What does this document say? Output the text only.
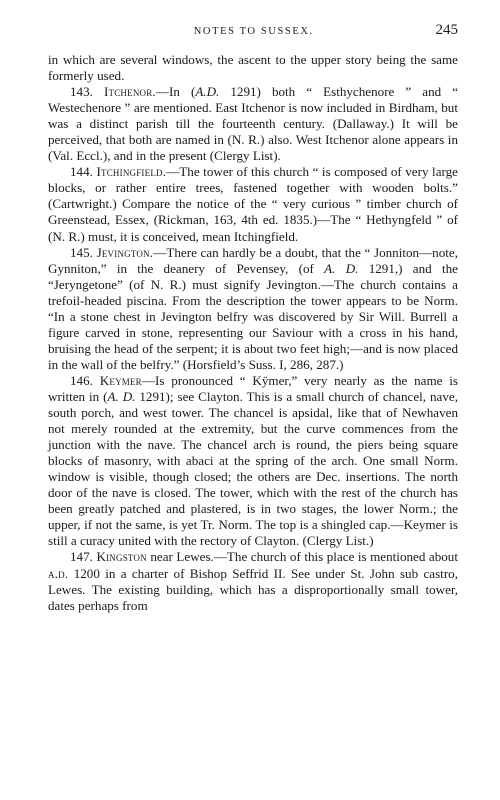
NOTES TO SUSSEX.	245

in which are several windows, the ascent to the upper story being the same formerly used.

143. Itchenor.—In (A.D. 1291) both “ Esthychenore ” and “ Westechenore ” are mentioned. East Itchenor is now included in Birdham, but was a distinct parish till the fourteenth century. (Dallaway.) It will be perceived, that both are named in (N. R.) also. West Itchenor alone appears in (Val. Eccl.), and in the present (Clergy List).

144. Itchingfield.—The tower of this church “ is composed of very large blocks, or rather entire trees, fastened together with wooden bolts.” (Cartwright.) Compare the notice of the “ very curious ” timber church of Greenstead, Essex, (Rickman, 163, 4th ed. 1835.)—The “ Hethyngfeld ” of (N. R.) must, it is conceived, mean Itchingfield.

145. Jevington.—There can hardly be a doubt, that the “ Jonniton—note, Gynniton,” in the deanery of Pevensey, (of A. D. 1291,) and the “Jeryngetone” (of N. R.) must signify Jevington.—The church contains a trefoil-headed piscina. From the description the tower appears to be Norm. “In a stone chest in Jevington belfry was discovered by Sir Will. Burrell a figure carved in stone, representing our Saviour with a cross in his hand, bruising the head of the serpent; it is about two feet high;—and is now placed in the wall of the belfry.” (Horsfield’s Suss. I, 286, 287.)

146. Keymer—Is pronounced “ Kÿmer,” very nearly as the name is written in (A. D. 1291); see Clayton. This is a small church of chancel, nave, south porch, and west tower. The chancel is apsidal, like that of Newhaven not merely rounded at the extremity, but the curve commences from the junction with the nave. The chancel arch is round, the piers being square blocks of masonry, with abaci at the spring of the arch. One small Norm. window is visible, though closed; the others are Dec. insertions. The north door of the nave is closed. The tower, which with the rest of the church has been greatly patched and plastered, is in two stages, the lower Norm.; the upper, if not the same, is yet Tr. Norm. The top is a shingled cap.—Keymer is still a curacy united with the rectory of Clayton. (Clergy List.)

147. Kingston near Lewes.—The church of this place is mentioned about a.d. 1200 in a charter of Bishop Seffrid II. See under St. John sub castro, Lewes. The existing building, which has a disproportionally small tower, dates perhaps from
